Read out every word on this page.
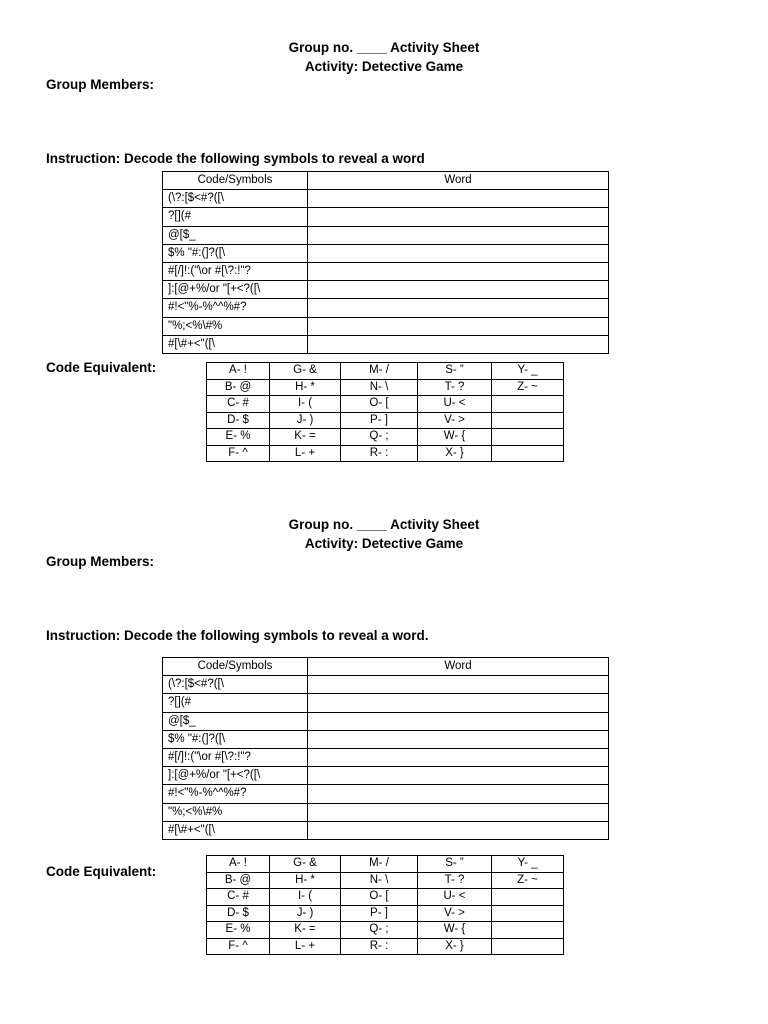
Group no. ____ Activity Sheet
Activity: Detective Game
Group Members:
Instruction: Decode the following symbols to reveal a word
Code/Symbols	Word
(\?:[$<#?([\	
?[](#	
@[$_	
$% "#:(]?([\	
#[/]!:("\or #[\?:!"?	
]:[@+%/or "[+<?([\	
#!<"%-%^^%#?	
"%;<%\#%	
#[\#+<"([\	
Code Equivalent:	A- !	G- &	M- /	S- ”	Y- _
B- @	H- *	N- \	T- ?	Z- ~
C- #	I- (	O- [	U- <	
D- $	J- )	P- ]	V- >	
E- %	K- =	Q- ;	W- {	
F- ^	L- +	R- :	X- }	
Group no. ____ Activity Sheet
Activity: Detective Game
Group Members:
Instruction: Decode the following symbols to reveal a word.
Code/Symbols	Word
(\?:[$<#?([\	
?[](#	
@[$_	
$% "#:(]?([\	
#[/]!:("\or #[\?:!"?	
]:[@+%/or "[+<?([\	
#!<"%-%^^%#?	
"%;<%\#%	
#[\#+<"([\	
Code Equivalent:
A- !	G- &	M- /	S- ”	Y- _
B- @	H- *	N- \	T- ?	Z- ~
C- #	I- (	O- [	U- <	
D- $	J- )	P- ]	V- >	
E- %	K- =	Q- ;	W- {	
F- ^	L- +	R- :	X- }	
